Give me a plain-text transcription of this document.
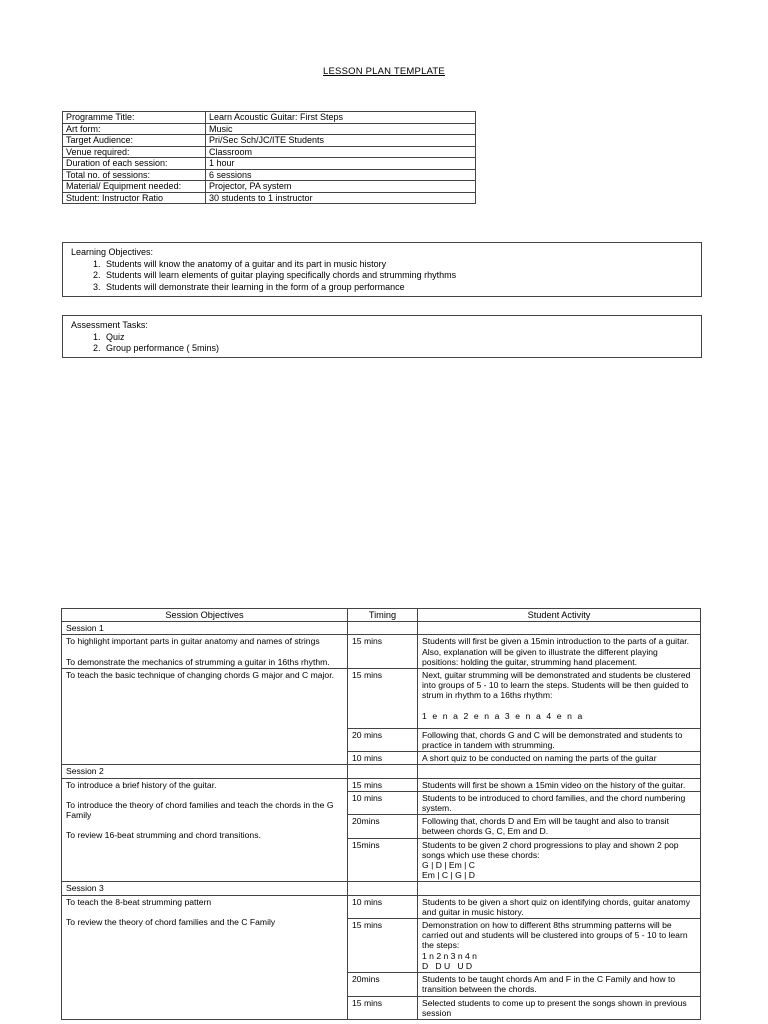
LESSON PLAN TEMPLATE
Programme Title:	Learn Acoustic Guitar: First Steps
Art form:	Music
Target Audience:	Pri/Sec Sch/JC/ITE Students
Venue required:	Classroom
Duration of each session:	1 hour
Total no. of sessions:	6 sessions
Material/ Equipment needed:	Projector, PA system
Student: Instructor Ratio	30 students to 1 instructor
Learning Objectives:
1. Students will know the anatomy of a guitar and its part in music history
2. Students will learn elements of guitar playing specifically chords and strumming rhythms
3. Students will demonstrate their learning in the form of a group performance
Assessment Tasks:
1. Quiz
2. Group performance ( 5mins)
Session Objectives	Timing	Student Activity
Session 1		

To highlight important parts in guitar anatomy and names of strings
To demonstrate the mechanics of strumming a guitar in 16ths rhythm.	15 mins	Students will first be given a 15min introduction to the parts of a guitar. Also, explanation will be given to illustrate the different playing positions: holding the guitar, strumming hand placement.

To teach the basic technique of changing chords G major and C major.	15 mins	Next, guitar strumming will be demonstrated and students be clustered into groups of 5 - 10 to learn the steps. Students will be then guided to strum in rhythm to a 16ths rhythm:
1 e n a 2 e n a 3 e n a 4 e n a

	20 mins	Following that, chords G and C will be demonstrated and students to practice in tandem with strumming.
	10 mins	A short quiz to be conducted on naming the parts of the guitar
Session 2		

To introduce a brief history of the guitar.
To introduce the theory of chord families and teach the chords in the G Family
To review 16-beat strumming and chord transitions.	15 mins	Students will first be shown a 15min video on the history of the guitar.
	10 mins	Students to be introduced to chord families, and the chord numbering system.
	20mins	Following that, chords D and Em will be taught and also to transit between chords G, C, Em and D.
	15mins	Students to be given 2 chord progressions to play and shown 2 pop songs which use these chords:
G | D | Em | C
Em | C | G | D

Session 3		

To teach the 8-beat strumming pattern
To review the theory of chord families and the C Family	10 mins	Students to be given a short quiz on identifying chords, guitar anatomy and guitar in music history.
	15 mins	Demonstration on how to different 8ths strumming patterns will be carried out and students will be clustered into groups of 5 - 10 to learn the steps:
1 n 2 n 3 n 4 n
D   D U   U D

	20mins	Students to be taught chords Am and F in the C Family and how to transition between the chords.
	15 mins	Selected students to come up to present the songs shown in previous session
